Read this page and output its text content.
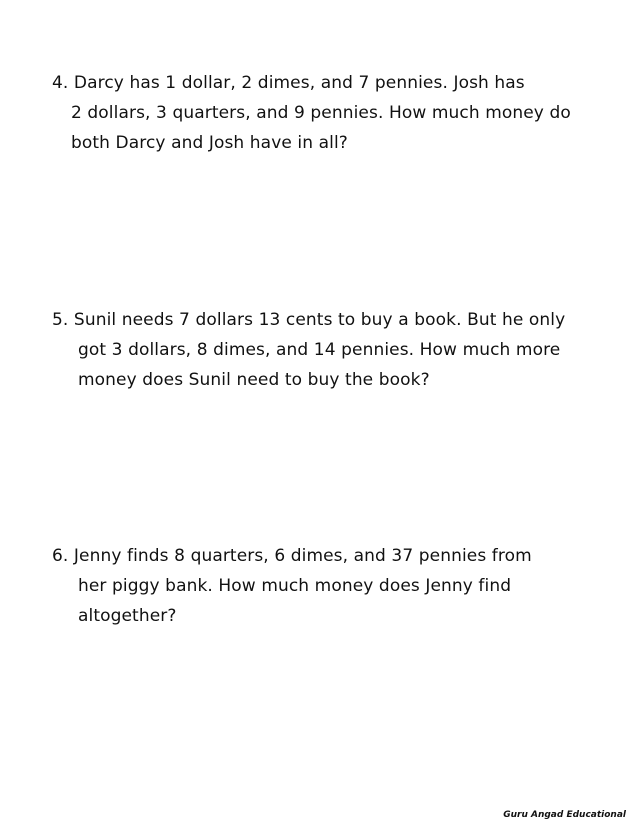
4. Darcy has 1 dollar, 2 dimes, and 7 pennies. Josh has
2 dollars, 3 quarters, and 9 pennies. How much money do
both Darcy and Josh have in all?
5. Sunil needs 7 dollars 13 cents to buy a book. But he only
got 3 dollars, 8 dimes, and 14 pennies. How much more
money does Sunil need to buy the book?
6. Jenny finds 8 quarters, 6 dimes, and 37 pennies from
her piggy bank. How much money does Jenny find
altogether?
Guru Angad Educational
